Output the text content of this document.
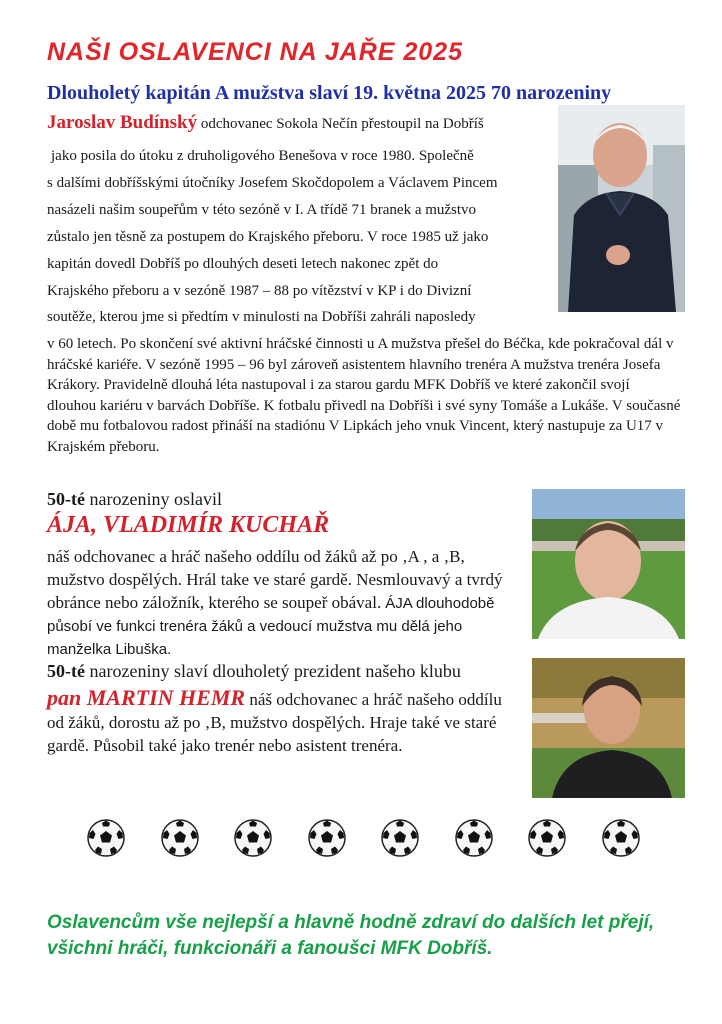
NAŠI OSLAVENCI NA JAŘE 2025
Dlouholetý kapitán A mužstva slaví 19. května 2025 70 narozeniny
Jaroslav Budínský odchovanec Sokola Nečín přestoupil na Dobříš
jako posila do útoku z druholigového Benešova v roce 1980. Společně
s dalšími dobříšskými útočníky Josefem Skočdopolem a Václavem Pincem
nasázeli našim soupeřům v této sezóně v I. A třídě 71 branek a mužstvo
zůstalo jen těsně za postupem do Krajského přeboru. V roce 1985 už jako
kapitán dovedl Dobříš po dlouhých deseti letech nakonec zpět do
Krajského přeboru a v sezóně 1987 – 88 po vítězství v KP i do Divizní
soutěže, kterou jme si předtím v minulosti na Dobříši zahráli naposledy
v 60 letech. Po skončení své aktivní hráčské činnosti u A mužstva přešel do Béčka, kde pokračoval dál v hráčské kariéře. V sezóně 1995 – 96 byl zároveň asistentem hlavního trenéra A mužstva trenéra Josefa Krákory. Pravidelně dlouhá léta nastupoval i za starou gardu MFK Dobříš ve které zakončil svojí dlouhou kariéru v barvách Dobříše. K fotbalu přivedl na Dobříši i své syny Tomáše a Lukáše. V současné době mu fotbalovou radost přináší na stadiónu V Lipkách jeho vnuk Vincent, který nastupuje za U17 v Krajském přeboru.
50-té narozeniny oslavil
ÁJA, VLADIMÍR KUCHAŘ
náš odchovanec a hráč našeho oddílu od žáků až po ‚A , a ‚B, mužstvo dospělých. Hrál take ve staré gardě. Nesmlouvavý a tvrdý obránce nebo záložník, kterého se soupeř obával. ÁJA dlouhodobě působí ve funkci trenéra žáků a vedoucí mužstva mu dělá jeho manželka Libuška.
50-té narozeniny slaví dlouholetý prezident našeho klubu
pan MARTIN HEMR náš odchovanec a hráč našeho oddílu od žáků, dorostu až po ‚B, mužstvo dospělých. Hraje také ve staré gardě. Působil také jako trenér nebo asistent trenéra.

Oslavencům vše nejlepší a hlavně hodně zdraví do dalších let přejí, všichni hráči, funkcionáři a fanoušci MFK Dobříš.
